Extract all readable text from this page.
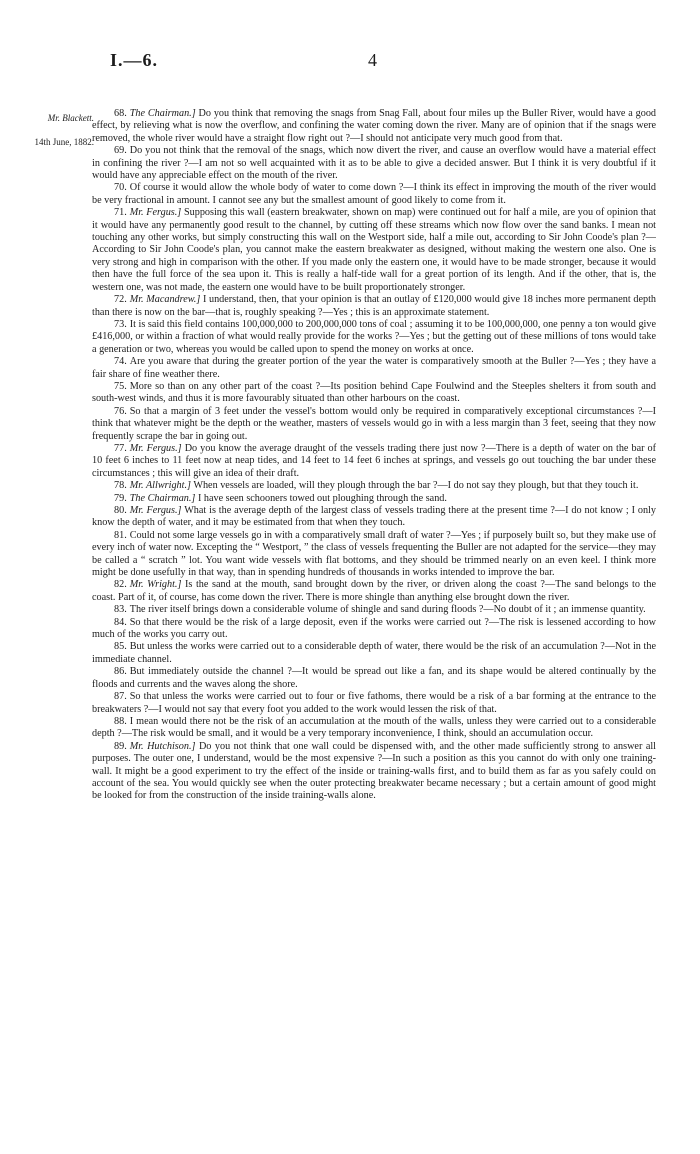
I.—6.	4
Mr. Blackett.
14th June, 1882.

68. The Chairman.] Do you think that removing the snags from Snag Fall, about four miles up the Buller River, would have a good effect, by relieving what is now the overflow, and confining the water coming down the river. Many are of opinion that if the snags were removed, the whole river would have a straight flow right out ?—I should not anticipate very much good from that.

69. Do you not think that the removal of the snags, which now divert the river, and cause an overflow would have a material effect in confining the river ?—I am not so well acquainted with it as to be able to give a decided answer. But I think it is very doubtful if it would have any appreciable effect on the mouth of the river.

70. Of course it would allow the whole body of water to come down ?—I think its effect in improving the mouth of the river would be very fractional in amount. I cannot see any but the smallest amount of good likely to come from it.

71. Mr. Fergus.] Supposing this wall (eastern breakwater, shown on map) were continued out for half a mile, are you of opinion that it would have any permanently good result to the channel, by cutting off these streams which now flow over the sand banks. I mean not touching any other works, but simply constructing this wall on the Westport side, half a mile out, according to Sir John Coode's plan ?—According to Sir John Coode's plan, you cannot make the eastern breakwater as designed, without making the western one also. One is very strong and high in comparison with the other. If you made only the eastern one, it would have to be made stronger, because it would then have the full force of the sea upon it. This is really a half-tide wall for a great portion of its length. And if the other, that is, the western one, was not made, the eastern one would have to be built proportionately stronger.

72. Mr. Macandrew.] I understand, then, that your opinion is that an outlay of £120,000 would give 18 inches more permanent depth than there is now on the bar—that is, roughly speaking ?—Yes ; this is an approximate statement.

73. It is said this field contains 100,000,000 to 200,000,000 tons of coal ; assuming it to be 100,000,000, one penny a ton would give £416,000, or within a fraction of what would really provide for the works ?—Yes ; but the getting out of these millions of tons would take a generation or two, whereas you would be called upon to spend the money on works at once.

74. Are you aware that during the greater portion of the year the water is comparatively smooth at the Buller ?—Yes ; they have a fair share of fine weather there.

75. More so than on any other part of the coast ?—Its position behind Cape Foulwind and the Steeples shelters it from south and south-west winds, and thus it is more favourably situated than other harbours on the coast.

76. So that a margin of 3 feet under the vessel's bottom would only be required in comparatively exceptional circumstances ?—I think that whatever might be the depth or the weather, masters of vessels would go in with a less margin than 3 feet, seeing that they now frequently scrape the bar in going out.

77. Mr. Fergus.] Do you know the average draught of the vessels trading there just now ?—There is a depth of water on the bar of 10 feet 6 inches to 11 feet now at neap tides, and 14 feet to 14 feet 6 inches at springs, and vessels go out touching the bar under these circumstances ; this will give an idea of their draft.

78. Mr. Allwright.] When vessels are loaded, will they plough through the bar ?—I do not say they plough, but that they touch it.

79. The Chairman.] I have seen schooners towed out ploughing through the sand.

80. Mr. Fergus.] What is the average depth of the largest class of vessels trading there at the present time ?—I do not know ; I only know the depth of water, and it may be estimated from that when they touch.

81. Could not some large vessels go in with a comparatively small draft of water ?—Yes ; if purposely built so, but they make use of every inch of water now. Excepting the “ Westport, ” the class of vessels frequenting the Buller are not adapted for the service—they may be called a “ scratch ” lot. You want wide vessels with flat bottoms, and they should be trimmed nearly on an even keel. I think more might be done usefully in that way, than in spending hundreds of thousands in works intended to improve the bar.

82. Mr. Wright.] Is the sand at the mouth, sand brought down by the river, or driven along the coast ?—The sand belongs to the coast. Part of it, of course, has come down the river. There is more shingle than anything else brought down the river.

83. The river itself brings down a considerable volume of shingle and sand during floods ?—No doubt of it ; an immense quantity.

84. So that there would be the risk of a large deposit, even if the works were carried out ?—The risk is lessened according to how much of the works you carry out.

85. But unless the works were carried out to a considerable depth of water, there would be the risk of an accumulation ?—Not in the immediate channel.

86. But immediately outside the channel ?—It would be spread out like a fan, and its shape would be altered continually by the floods and currents and the waves along the shore.

87. So that unless the works were carried out to four or five fathoms, there would be a risk of a bar forming at the entrance to the breakwaters ?—I would not say that every foot you added to the work would lessen the risk of that.

88. I mean would there not be the risk of an accumulation at the mouth of the walls, unless they were carried out to a considerable depth ?—The risk would be small, and it would be a very temporary inconvenience, I think, should an accumulation occur.

89. Mr. Hutchison.] Do you not think that one wall could be dispensed with, and the other made sufficiently strong to answer all purposes. The outer one, I understand, would be the most expensive ?—In such a position as this you cannot do with only one training-wall. It might be a good experiment to try the effect of the inside or training-walls first, and to build them as far as you safely could on account of the sea. You would quickly see when the outer protecting breakwater became necessary ; but a certain amount of good might be looked for from the construction of the inside training-walls alone.
